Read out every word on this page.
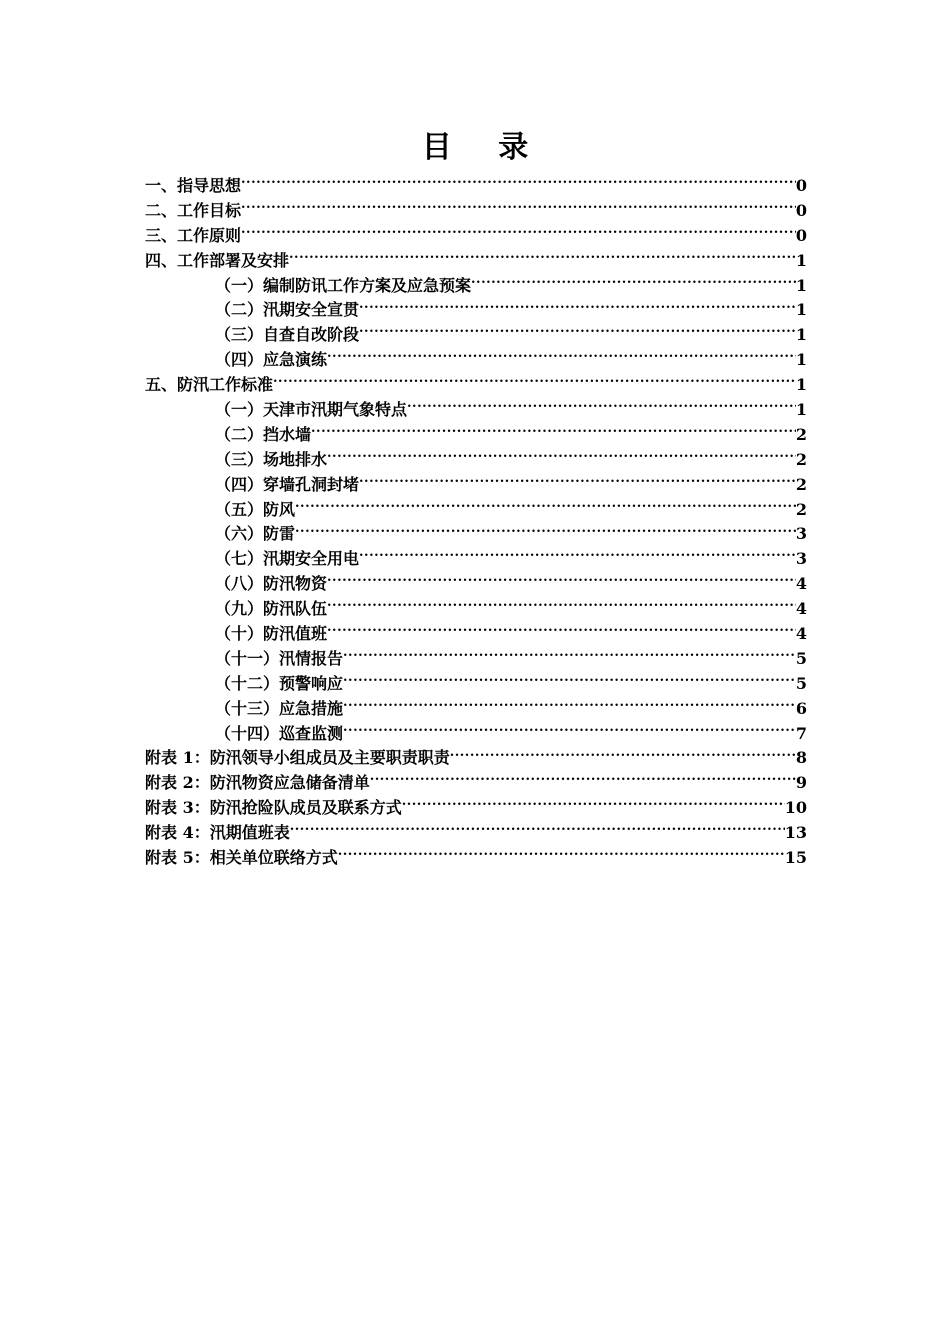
目 录
一、指导思想 .....	0
二、工作目标 .....	0
三、工作原则 .....	0
四、工作部署及安排 .....	1
（一）编制防讯工作方案及应急预案 .....	1
（二）汛期安全宣贯 .....	1
（三）自查自改阶段 .....	1
（四）应急演练 .....	1
五、防汛工作标准 .....	1
（一）天津市汛期气象特点 .....	1
（二）挡水墙 .....	2
（三）场地排水 .....	2
（四）穿墙孔洞封堵 .....	2
（五）防风 .....	2
（六）防雷 .....	3
（七）汛期安全用电 .....	3
（八）防汛物资 .....	4
（九）防汛队伍 .....	4
（十）防汛值班 .....	4
（十一）汛情报告 .....	5
（十二）预警响应 .....	5
（十三）应急措施 .....	6
（十四）巡查监测 .....	7
附表 1：防汛领导小组成员及主要职责职责 .....	8
附表 2：防汛物资应急储备清单 .....	9
附表 3：防汛抢险队成员及联系方式 .....	10
附表 4：汛期值班表 .....	13
附表 5：相关单位联络方式 .....	15
